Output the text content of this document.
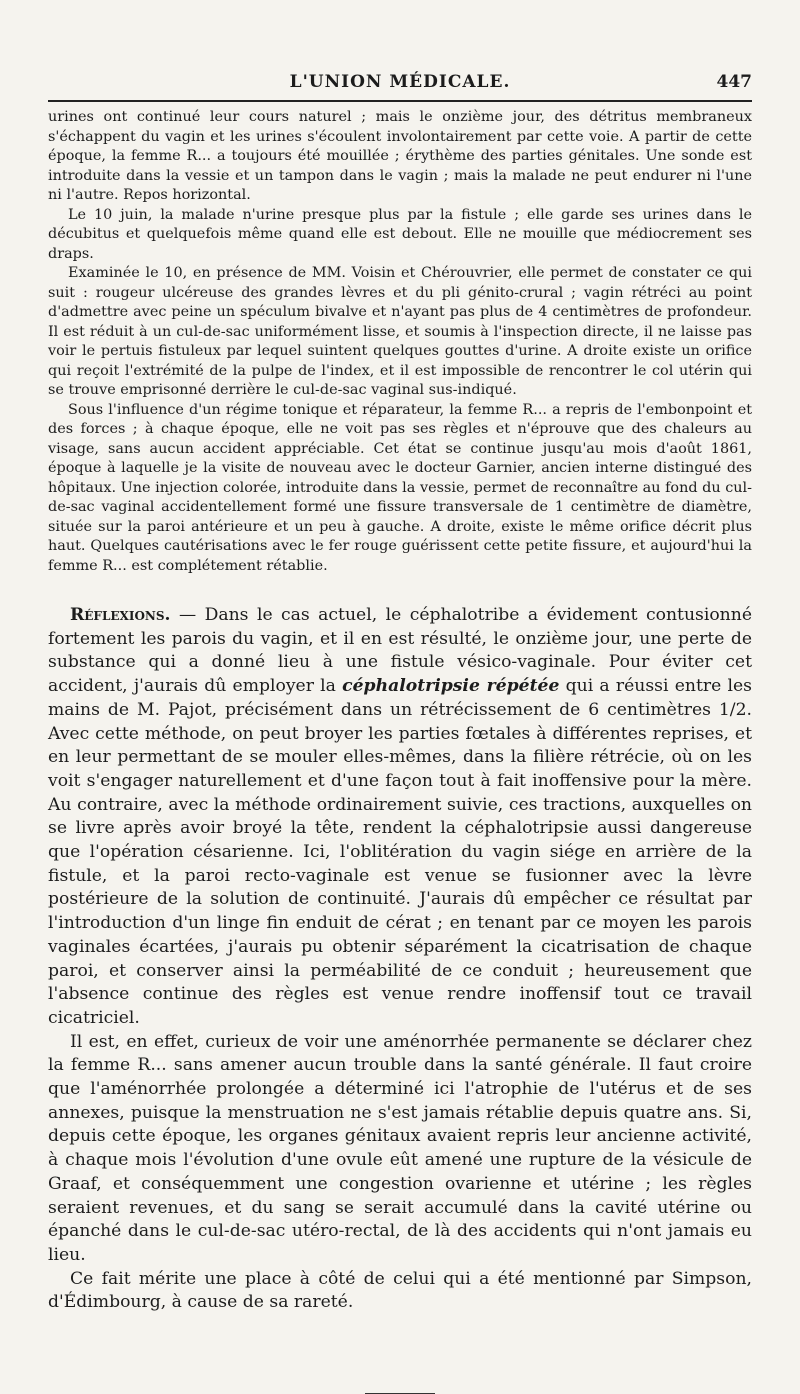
L'UNION MÉDICALE.	447

urines ont continué leur cours naturel ; mais le onzième jour, des détritus membraneux s'échappent du vagin et les urines s'écoulent involontairement par cette voie. A partir de cette époque, la femme R... a toujours été mouillée ; érythème des parties génitales. Une sonde est introduite dans la vessie et un tampon dans le vagin ; mais la malade ne peut endurer ni l'une ni l'autre. Repos horizontal.

Le 10 juin, la malade n'urine presque plus par la fistule ; elle garde ses urines dans le décubitus et quelquefois même quand elle est debout. Elle ne mouille que médiocrement ses draps.

Examinée le 10, en présence de MM. Voisin et Chérouvrier, elle permet de constater ce qui suit : rougeur ulcéreuse des grandes lèvres et du pli génito-crural ; vagin rétréci au point d'admettre avec peine un spéculum bivalve et n'ayant pas plus de 4 centimètres de profondeur. Il est réduit à un cul-de-sac uniformément lisse, et soumis à l'inspection directe, il ne laisse pas voir le pertuis fistuleux par lequel suintent quelques gouttes d'urine. A droite existe un orifice qui reçoit l'extrémité de la pulpe de l'index, et il est impossible de rencontrer le col utérin qui se trouve emprisonné derrière le cul-de-sac vaginal sus-indiqué.

Sous l'influence d'un régime tonique et réparateur, la femme R... a repris de l'embonpoint et des forces ; à chaque époque, elle ne voit pas ses règles et n'éprouve que des chaleurs au visage, sans aucun accident appréciable. Cet état se continue jusqu'au mois d'août 1861, époque à laquelle je la visite de nouveau avec le docteur Garnier, ancien interne distingué des hôpitaux. Une injection colorée, introduite dans la vessie, permet de reconnaître au fond du cul-de-sac vaginal accidentellement formé une fissure transversale de 1 centimètre de diamètre, située sur la paroi antérieure et un peu à gauche. A droite, existe le même orifice décrit plus haut. Quelques cautérisations avec le fer rouge guérissent cette petite fissure, et aujourd'hui la femme R... est complétement rétablie.

Réflexions. — Dans le cas actuel, le céphalotribe a évidement contusionné fortement les parois du vagin, et il en est résulté, le onzième jour, une perte de substance qui a donné lieu à une fistule vésico-vaginale. Pour éviter cet accident, j'aurais dû employer la céphalotripsie répétée qui a réussi entre les mains de M. Pajot, précisément dans un rétrécissement de 6 centimètres 1/2. Avec cette méthode, on peut broyer les parties fœtales à différentes reprises, et en leur permettant de se mouler elles-mêmes, dans la filière rétrécie, où on les voit s'engager naturellement et d'une façon tout à fait inoffensive pour la mère. Au contraire, avec la méthode ordinairement suivie, ces tractions, auxquelles on se livre après avoir broyé la tête, rendent la céphalotripsie aussi dangereuse que l'opération césarienne. Ici, l'oblitération du vagin siége en arrière de la fistule, et la paroi recto-vaginale est venue se fusionner avec la lèvre postérieure de la solution de continuité. J'aurais dû empêcher ce résultat par l'introduction d'un linge fin enduit de cérat ; en tenant par ce moyen les parois vaginales écartées, j'aurais pu obtenir séparément la cicatrisation de chaque paroi, et conserver ainsi la perméabilité de ce conduit ; heureusement que l'absence continue des règles est venue rendre inoffensif tout ce travail cicatriciel.

Il est, en effet, curieux de voir une aménorrhée permanente se déclarer chez la femme R... sans amener aucun trouble dans la santé générale. Il faut croire que l'aménorrhée prolongée a déterminé ici l'atrophie de l'utérus et de ses annexes, puisque la menstruation ne s'est jamais rétablie depuis quatre ans. Si, depuis cette époque, les organes génitaux avaient repris leur ancienne activité, à chaque mois l'évolution d'une ovule eût amené une rupture de la vésicule de Graaf, et conséquemment une congestion ovarienne et utérine ; les règles seraient revenues, et du sang se serait accumulé dans la cavité utérine ou épanché dans le cul-de-sac utéro-rectal, de là des accidents qui n'ont jamais eu lieu.

Ce fait mérite une place à côté de celui qui a été mentionné par Simpson, d'Édimbourg, à cause de sa rareté.
